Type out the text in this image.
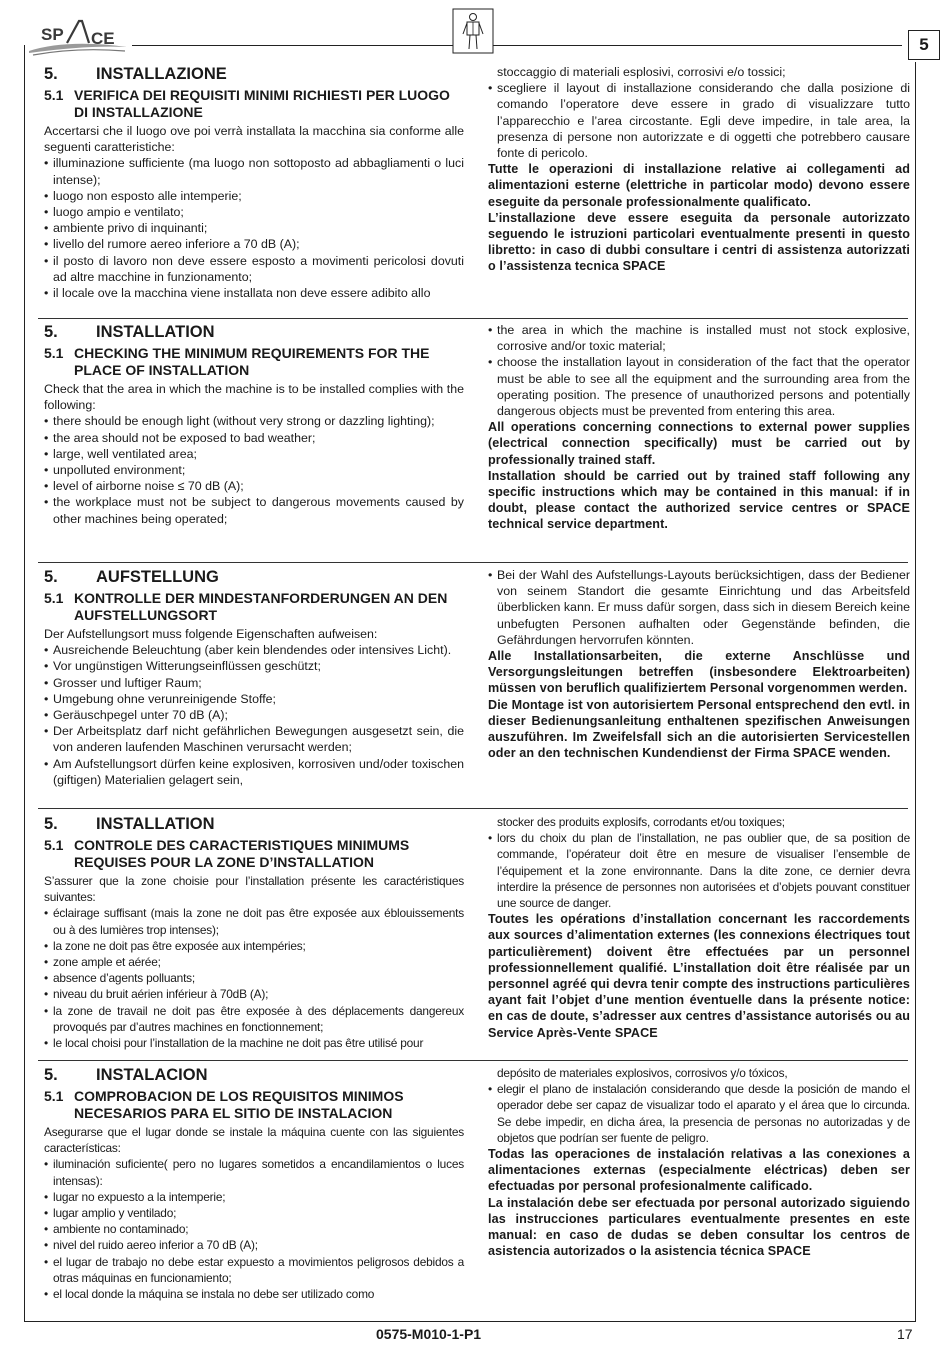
SP CE	5
5. INSTALLAZIONE
5.1 VERIFICA DEI REQUISITI MINIMI RICHIESTI PER LUOGO DI INSTALLAZIONE

Accertarsi che il luogo ove poi verrà installata la macchina sia conforme alle seguenti caratteristiche:

• illuminazione sufficiente (ma luogo non sottoposto ad abbagliamenti o luci intense);

• luogo non esposto alle intemperie;

• luogo ampio e ventilato;

• ambiente privo di inquinanti;

• livello del rumore aereo inferiore a 70 dB (A);

• il posto di lavoro non deve essere esposto a movimenti pericolosi dovuti ad altre macchine in funzionamento;

• il locale ove la macchina viene installata non deve essere adibito allo

stoccaggio di materiali esplosivi, corrosivi e/o tossici;

• scegliere il layout di installazione considerando che dalla posizione di comando l’operatore deve essere in grado di visualizzare tutto l’apparecchio e l’area circostante. Egli deve impedire, in tale area, la presenza di persone non autorizzate e di oggetti che potrebbero causare fonte di pericolo.

Tutte le operazioni di installazione relative ai collegamenti ad alimentazioni esterne (elettriche in particolar modo) devono essere eseguite da personale professionalmente qualificato.

L’installazione deve essere eseguita da personale autorizzato seguendo le istruzioni particolari eventualmente presenti in questo libretto: in caso di dubbi consultare i centri di assistenza autorizzati o l’assistenza tecnica SPACE

5. INSTALLATION
5.1 CHECKING THE MINIMUM REQUIREMENTS FOR THE PLACE OF INSTALLATION

Check that the area in which the machine is to be installed complies with the following:

• there should be enough light (without very strong or dazzling lighting);

• the area should not be exposed to bad weather;

• large, well ventilated area;

• unpolluted environment;

• level of airborne noise ≤ 70 dB (A);

• the workplace must not be subject to dangerous movements caused by other machines being operated;

• the area in which the machine is installed must not stock explosive, corrosive and/or toxic material;

• choose the installation layout in consideration of the fact that the operator must be able to see all the equipment and the surrounding area from the operating position. The presence of unauthorized persons and potentially dangerous objects must be prevented from entering this area.

All operations concerning connections to external power supplies (electrical connection specifically) must be carried out by professionally trained staff.

Installation should be carried out by trained staff following any specific instructions which may be contained in this manual: if in doubt, please contact the authorized service centres or SPACE technical service department.

5. AUFSTELLUNG
5.1 KONTROLLE DER MINDESTANFORDERUNGEN AN DEN AUFSTELLUNGSORT

Der Aufstellungsort muss folgende Eigenschaften aufweisen:

• Ausreichende Beleuchtung (aber kein blendendes oder intensives Licht).

• Vor ungünstigen Witterungseinflüssen geschützt;

• Grosser und luftiger Raum;

• Umgebung ohne verunreinigende Stoffe;

• Geräuschpegel unter 70 dB (A);

• Der Arbeitsplatz darf nicht gefährlichen Bewegungen ausgesetzt sein, die von anderen laufenden Maschinen verursacht werden;

• Am Aufstellungsort dürfen keine explosiven, korrosiven und/oder toxischen (giftigen) Materialien gelagert sein,

• Bei der Wahl des Aufstellungs-Layouts berücksichtigen, dass der Bediener von seinem Standort die gesamte Einrichtung und das Arbeitsfeld überblicken kann. Er muss dafür sorgen, dass sich in diesem Bereich keine unbefugten Personen aufhalten oder Gegenstände befinden, die Gefährdungen hervorrufen könnten.

Alle Installationsarbeiten, die externe Anschlüsse und Versorgungsleitungen betreffen (insbesondere Elektroarbeiten) müssen von beruflich qualifiziertem Personal vorgenommen werden.

Die Montage ist von autorisiertem Personal entsprechend den evtl. in dieser Bedienungsanleitung enthaltenen spezifischen Anweisungen auszuführen. Im Zweifelsfall sich an die autorisierten Servicestellen oder an den technischen Kundendienst der Firma SPACE wenden.

5. INSTALLATION
5.1 CONTROLE DES CARACTERISTIQUES MINIMUMS REQUISES POUR LA ZONE D’INSTALLATION

S’assurer que la zone choisie pour l’installation présente les caractéristiques suivantes:

• éclairage suffisant (mais la zone ne doit pas être exposée aux éblouissements ou à des lumières trop intenses);

• la zone ne doit pas être exposée aux intempéries;

• zone ample et aérée;

• absence d’agents polluants;

• niveau du bruit aérien inférieur à 70dB (A);

• la zone de travail ne doit pas être exposée à des déplacements dangereux provoqués par d’autres machines en fonctionnement;

• le local choisi pour l’installation de la machine ne doit pas être utilisé pour

stocker des produits explosifs, corrodants et/ou toxiques;

• lors du choix du plan de l’installation, ne pas oublier que, de sa position de commande, l’opérateur doit être en mesure de visualiser l’ensemble de l’équipement et la zone environnante. Dans la dite zone, ce dernier devra interdire la présence de personnes non autorisées et d’objets pouvant constituer une source de danger.

Toutes les opérations d’installation concernant les raccordements aux sources d’alimentation externes (les connexions électriques tout particulièrement) doivent être effectuées par un personnel professionnellement qualifié. L’installation doit être réalisée par un personnel agréé qui devra tenir compte des instructions particulières ayant fait l’objet d’une mention éventuelle dans la présente notice: en cas de doute, s’adresser aux centres d’assistance autorisés ou au Service Après-Vente SPACE

5. INSTALACION
5.1 COMPROBACION DE LOS REQUISITOS MINIMOS NECESARIOS PARA EL SITIO DE INSTALACION

Asegurarse que el lugar donde se instale la máquina cuente con las siguientes características:

• iluminación suficiente( pero no lugares sometidos a encandilamientos o luces intensas):

• lugar no expuesto a la intemperie;

• lugar amplio y ventilado;

• ambiente no contaminado;

• nivel del ruido aereo inferior a 70 dB (A);

• el lugar de trabajo no debe estar expuesto a movimientos peligrosos debidos a otras máquinas en funcionamiento;

• el local donde la máquina se instala no debe ser utilizado como

depósito de materiales explosivos, corrosivos y/o tóxicos,

• elegir el plano de instalación considerando que desde la posición de mando el operador debe ser capaz de visualizar todo el aparato y el área que lo circunda. Se debe impedir, en dicha área, la presencia de personas no autorizadas y de objetos que podrían ser fuente de peligro.

Todas las operaciones de instalación relativas a las conexiones a alimentaciones externas (especialmente eléctricas) deben ser efectuadas por personal profesionalmente calificado.

La instalación debe ser efectuada por personal autorizado siguiendo las instrucciones particulares eventualmente presentes en este manual: en caso de dudas se deben consultar los centros de asistencia autorizados o la asistencia técnica SPACE

0575-M010-1-P1	17
